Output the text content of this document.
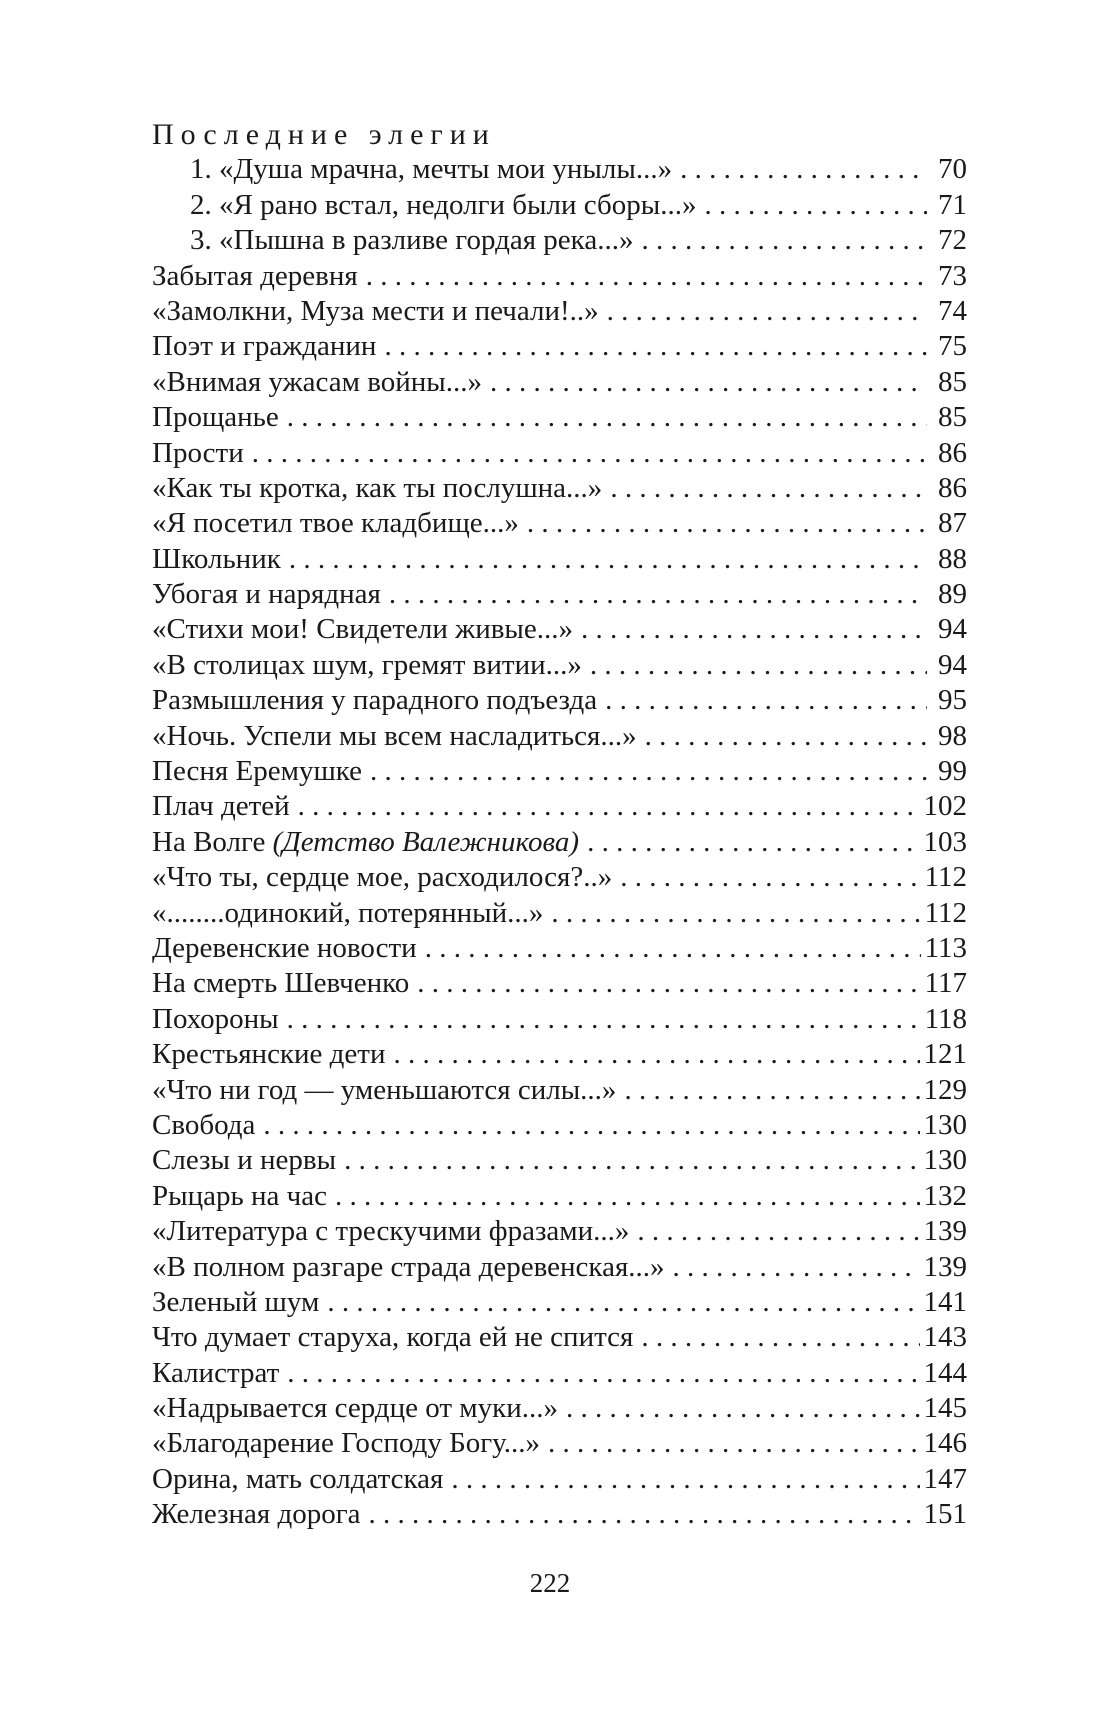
Последние элегии
1. «Душа мрачна, мечты мои унылы...» . . .	70
2. «Я рано встал, недолги были сборы...» . . .	71
3. «Пышна в разливе гордая река...» . . .	72
Забытая деревня . . .	73
«Замолкни, Муза мести и печали!..» . . .	74
Поэт и гражданин . . .	75
«Внимая ужасам войны...» . . .	85
Прощанье . . .	85
Прости . . .	86
«Как ты кротка, как ты послушна...» . . .	86
«Я посетил твое кладбище...» . . .	87
Школьник . . .	88
Убогая и нарядная . . .	89
«Стихи мои! Свидетели живые...» . . .	94
«В столицах шум, гремят витии...» . . .	94
Размышления у парадного подъезда . . .	95
«Ночь. Успели мы всем насладиться...» . . .	98
Песня Еремушке . . .	99
Плач детей . . .	102
На Волге (Детство Валежникова) . . .	103
«Что ты, сердце мое, расходилося?..» . . .	112
«........одинокий, потерянный...» . . .	112
Деревенские новости . . .	113
На смерть Шевченко . . .	117
Похороны . . .	118
Крестьянские дети . . .	121
«Что ни год — уменьшаются силы...» . . .	129
Свобода . . .	130
Слезы и нервы . . .	130
Рыцарь на час . . .	132
«Литература с трескучими фразами...» . . .	139
«В полном разгаре страда деревенская...» . . .	139
Зеленый шум . . .	141
Что думает старуха, когда ей не спится . . .	143
Калистрат . . .	144
«Надрывается сердце от муки...» . . .	145
«Благодарение Господу Богу...» . . .	146
Орина, мать солдатская . . .	147
Железная дорога . . .	151
222
